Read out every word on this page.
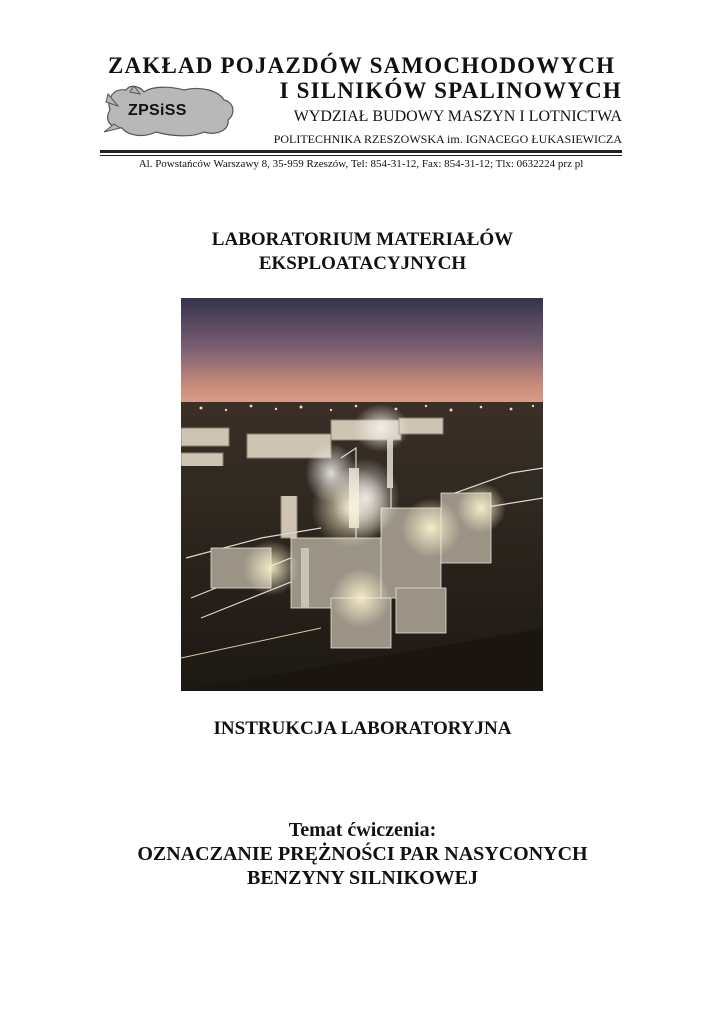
ZAKŁAD POJAZDÓW SAMOCHODOWYCH
I SILNIKÓW SPALINOWYCH
ZPSiSS	WYDZIAŁ BUDOWY MASZYN I LOTNICTWA
POLITECHNIKA RZESZOWSKA im. IGNACEGO ŁUKASIEWICZA
Al. Powstańców Warszawy 8, 35-959 Rzeszów, Tel: 854-31-12, Fax: 854-31-12; Tlx: 0632224 prz pl
LABORATORIUM MATERIAŁÓW
EKSPLOATACYJNYCH
INSTRUKCJA LABORATORYJNA
Temat ćwiczenia:
OZNACZANIE PRĘŻNOŚCI PAR NASYCONYCH
BENZYNY SILNIKOWEJ
